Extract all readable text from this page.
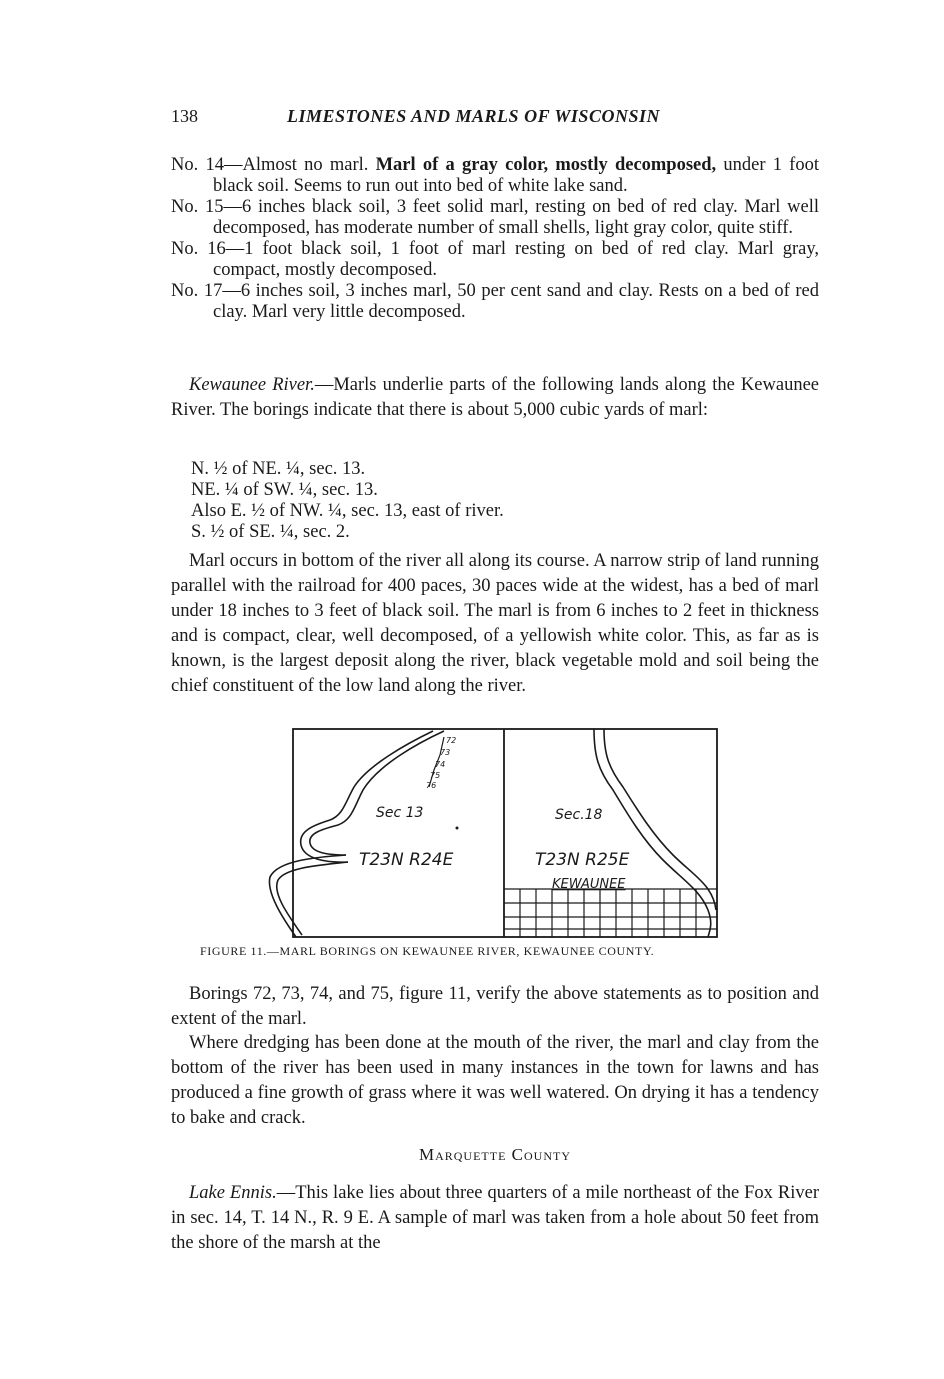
138	LIMESTONES AND MARLS OF WISCONSIN

No. 14—Almost no marl. Marl of a gray color, mostly decomposed, under 1 foot black soil. Seems to run out into bed of white lake sand.

No. 15—6 inches black soil, 3 feet solid marl, resting on bed of red clay. Marl well decomposed, has moderate number of small shells, light gray color, quite stiff.

No. 16—1 foot black soil, 1 foot of marl resting on bed of red clay. Marl gray, compact, mostly decomposed.

No. 17—6 inches soil, 3 inches marl, 50 per cent sand and clay. Rests on a bed of red clay. Marl very little decomposed.

Kewaunee River.—Marls underlie parts of the following lands along the Kewaunee River. The borings indicate that there is about 5,000 cubic yards of marl:

N. ½ of NE. ¼, sec. 13.
NE. ¼ of SW. ¼, sec. 13.
Also E. ½ of NW. ¼, sec. 13, east of river.
S. ½ of SE. ¼, sec. 2.

Marl occurs in bottom of the river all along its course. A narrow strip of land running parallel with the railroad for 400 paces, 30 paces wide at the widest, has a bed of marl under 18 inches to 3 feet of black soil. The marl is from 6 inches to 2 feet in thickness and is compact, clear, well decomposed, of a yellowish white color. This, as far as is known, is the largest deposit along the river, black vegetable mold and soil being the chief constituent of the low land along the river.

72
73
74
75
76
Sec 13	Sec.18
T23N R24E	T23N R25E
KEWAUNEE
FIGURE 11.—MARL BORINGS ON KEWAUNEE RIVER, KEWAUNEE COUNTY.

Borings 72, 73, 74, and 75, figure 11, verify the above statements as to position and extent of the marl.

Where dredging has been done at the mouth of the river, the marl and clay from the bottom of the river has been used in many instances in the town for lawns and has produced a fine growth of grass where it was well watered. On drying it has a tendency to bake and crack.

Marquette County

Lake Ennis.—This lake lies about three quarters of a mile northeast of the Fox River in sec. 14, T. 14 N., R. 9 E. A sample of marl was taken from a hole about 50 feet from the shore of the marsh at the
